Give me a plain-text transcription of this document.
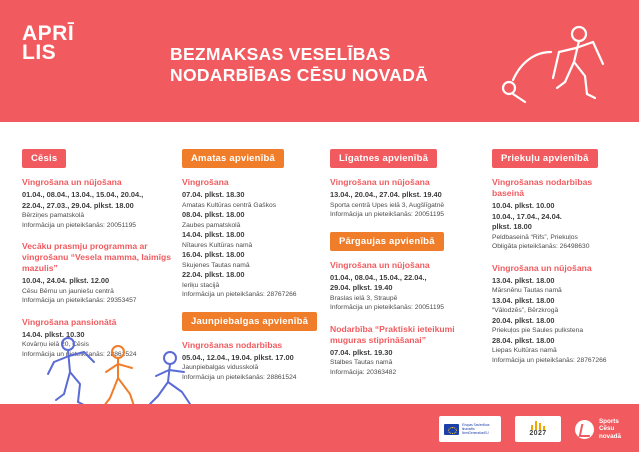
APRĪ
LIS	BEZMAKSAS VESELĪBAS
NODARBĪBAS CĒSU NOVADĀ
Cēsis
Vingrošana un nūjošana
01.04., 08.04., 13.04., 15.04., 20.04.,
22.04., 27.03., 29.04. plkst. 18.00
Bērziņes pamatskolā
Informācija un pieteikšanās: 20051195
Vecāku prasmju programma ar vingrošanu “Vesela mamma, laimīgs mazulis”
10.04., 24.04. plkst. 12.00
Cēsu Bērnu un jauniešu centrā
Informācija un pieteikšanās: 29353457
Vingrošana pansionātā
14.04. plkst. 10.30
Kovārņu ielā 20, Cēsis
Informācija un pieteikšanās: 28861524
Amatas apvienībā
Vingrošana
07.04. plkst. 18.30
Amatas Kultūras centrā Gaškos
08.04. plkst. 18.00
Zaubes pamatskolā
14.04. plkst. 18.00
Nītaures Kultūras namā
16.04. plkst. 18.00
Skujenes Tautas namā
22.04. plkst. 18.00
Ieriķu stacijā
Informācija un pieteikšanās: 28767266
Jaunpiebalgas apvienībā
Vingrošanas nodarbības
05.04., 12.04., 19.04. plkst. 17.00
Jaunpiebalgas vidusskolā
Informācija un pieteikšanās: 28861524
Līgatnes apvienībā
Vingrošana un nūjošana
13.04., 20.04., 27.04. plkst. 19.40
Sporta centrā Upes ielā 3, Augšlīgatnē
Informācija un pieteikšanās: 20051195
Pārgaujas apvienībā
Vingrošana un nūjošana
01.04., 08.04., 15.04., 22.04.,
29.04. plkst. 19.40
Braslas ielā 3, Straupē
Informācija un pieteikšanās: 20051195
Nodarbība “Praktiski ieteikumi muguras stiprināšanai”
07.04. plkst. 19.30
Stalbes Tautas namā
Informācija: 20363482
Priekuļu apvienībā
Vingrošanas nodarbības baseinā
10.04. plkst. 10.00
10.04., 17.04., 24.04.
plkst. 18.00
Peldbaseinā “Rifs”, Priekuļos
Obligāta pieteikšanās: 26498630
Vingrošana un nūjošana
13.04. plkst. 18.00
Mārsnēnu Tautas namā
13.04. plkst. 18.00
“Vālodzēs”, Bērzkrogā
20.04. plkst. 18.00
Priekuļos pie Saules pulkstena
28.04. plkst. 18.00
Liepas Kultūras namā
Informācija un pieteikšanās: 28767266
Eiropas Savienības finansēts NextGenerationEU	2027
Sports
Cēsu
novadā
